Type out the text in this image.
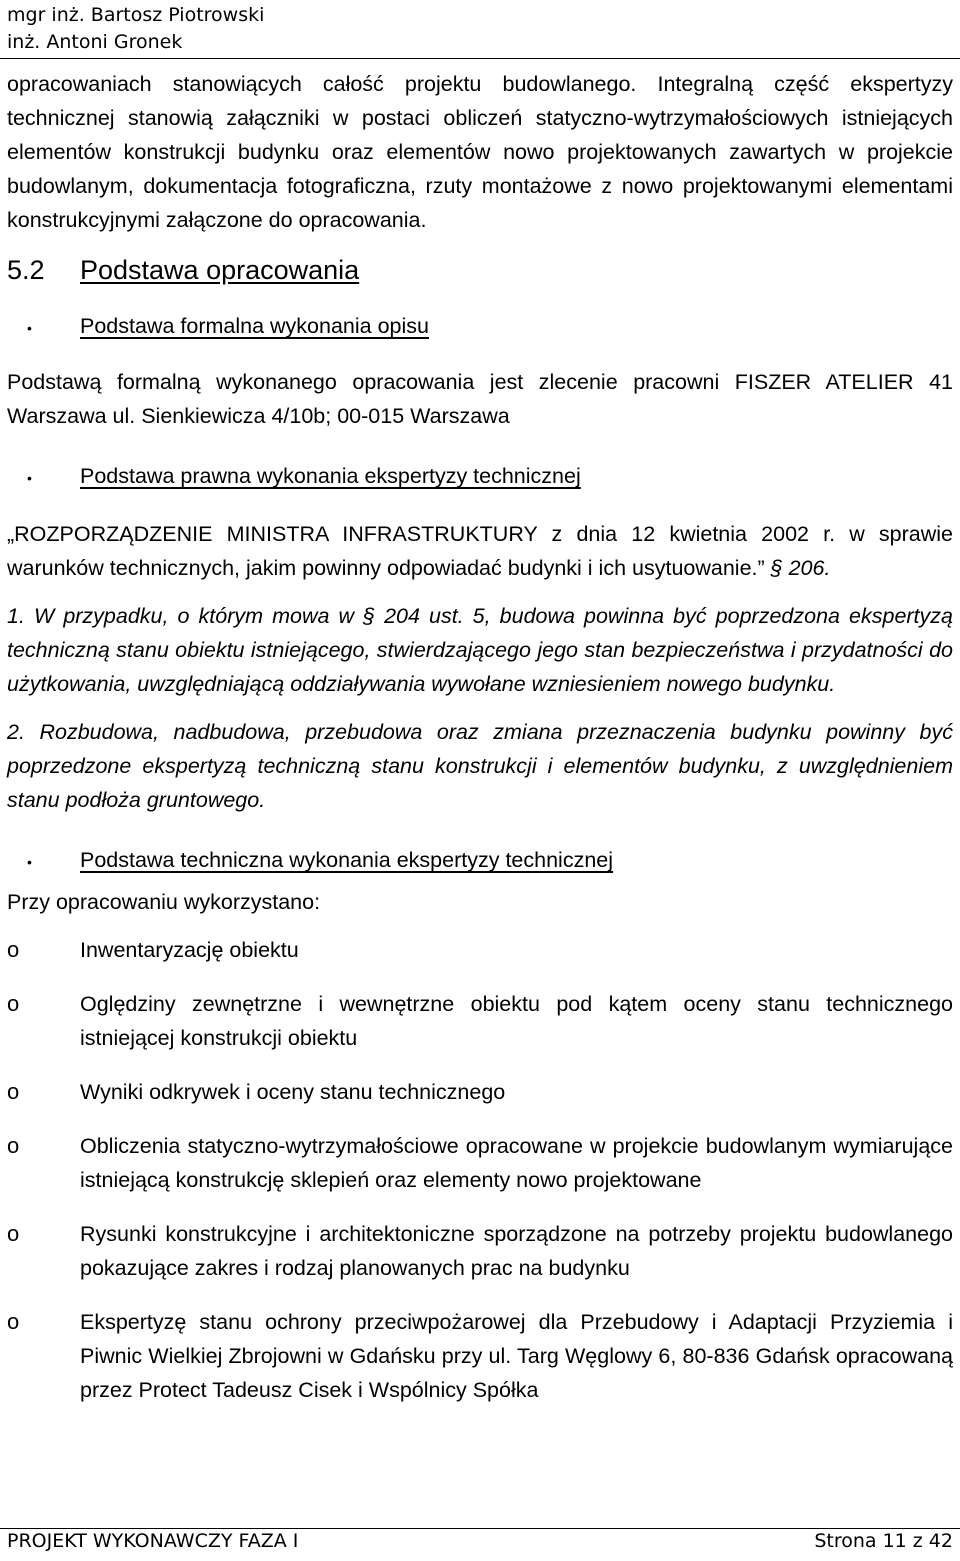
mgr inż. Bartosz Piotrowski
inż. Antoni Gronek

opracowaniach stanowiących całość projektu budowlanego. Integralną część ekspertyzy technicznej stanowią załączniki w postaci obliczeń statyczno-wytrzymałościowych istniejących elementów konstrukcji budynku oraz elementów nowo projektowanych zawartych w projekcie budowlanym, dokumentacja fotograficzna, rzuty montażowe z nowo projektowanymi elementami konstrukcyjnymi załączone do opracowania.

5.2	Podstawa opracowania
•	Podstawa formalna wykonania opisu

Podstawą formalną wykonanego opracowania jest zlecenie pracowni FISZER ATELIER 41 Warszawa ul. Sienkiewicza 4/10b; 00-015 Warszawa

•	Podstawa prawna wykonania ekspertyzy technicznej

„ROZPORZĄDZENIE MINISTRA INFRASTRUKTURY z dnia 12 kwietnia 2002 r. w sprawie warunków technicznych, jakim powinny odpowiadać budynki i ich usytuowanie.” § 206.

1. W przypadku, o którym mowa w § 204 ust. 5, budowa powinna być poprzedzona ekspertyzą techniczną stanu obiektu istniejącego, stwierdzającego jego stan bezpieczeństwa i przydatności do użytkowania, uwzględniającą oddziaływania wywołane wzniesieniem nowego budynku.

2. Rozbudowa, nadbudowa, przebudowa oraz zmiana przeznaczenia budynku powinny być poprzedzone ekspertyzą techniczną stanu konstrukcji i elementów budynku, z uwzględnieniem stanu podłoża gruntowego.

•	Podstawa techniczna wykonania ekspertyzy technicznej

Przy opracowaniu wykorzystano:

o	Inwentaryzację obiektu
o	Oględziny zewnętrzne i wewnętrzne obiektu pod kątem oceny stanu technicznego istniejącej konstrukcji obiektu
o	Wyniki odkrywek i oceny stanu technicznego
o	Obliczenia statyczno-wytrzymałościowe opracowane w projekcie budowlanym wymiarujące istniejącą konstrukcję sklepień oraz elementy nowo projektowane
o	Rysunki konstrukcyjne i architektoniczne sporządzone na potrzeby projektu budowlanego pokazujące zakres i rodzaj planowanych prac na budynku
o	Ekspertyzę stanu ochrony przeciwpożarowej dla Przebudowy i Adaptacji Przyziemia i Piwnic Wielkiej Zbrojowni w Gdańsku przy ul. Targ Węglowy 6, 80-836 Gdańsk opracowaną przez Protect Tadeusz Cisek i Wspólnicy Spółka
PROJEKT WYKONAWCZY FAZA I	Strona 11 z 42
